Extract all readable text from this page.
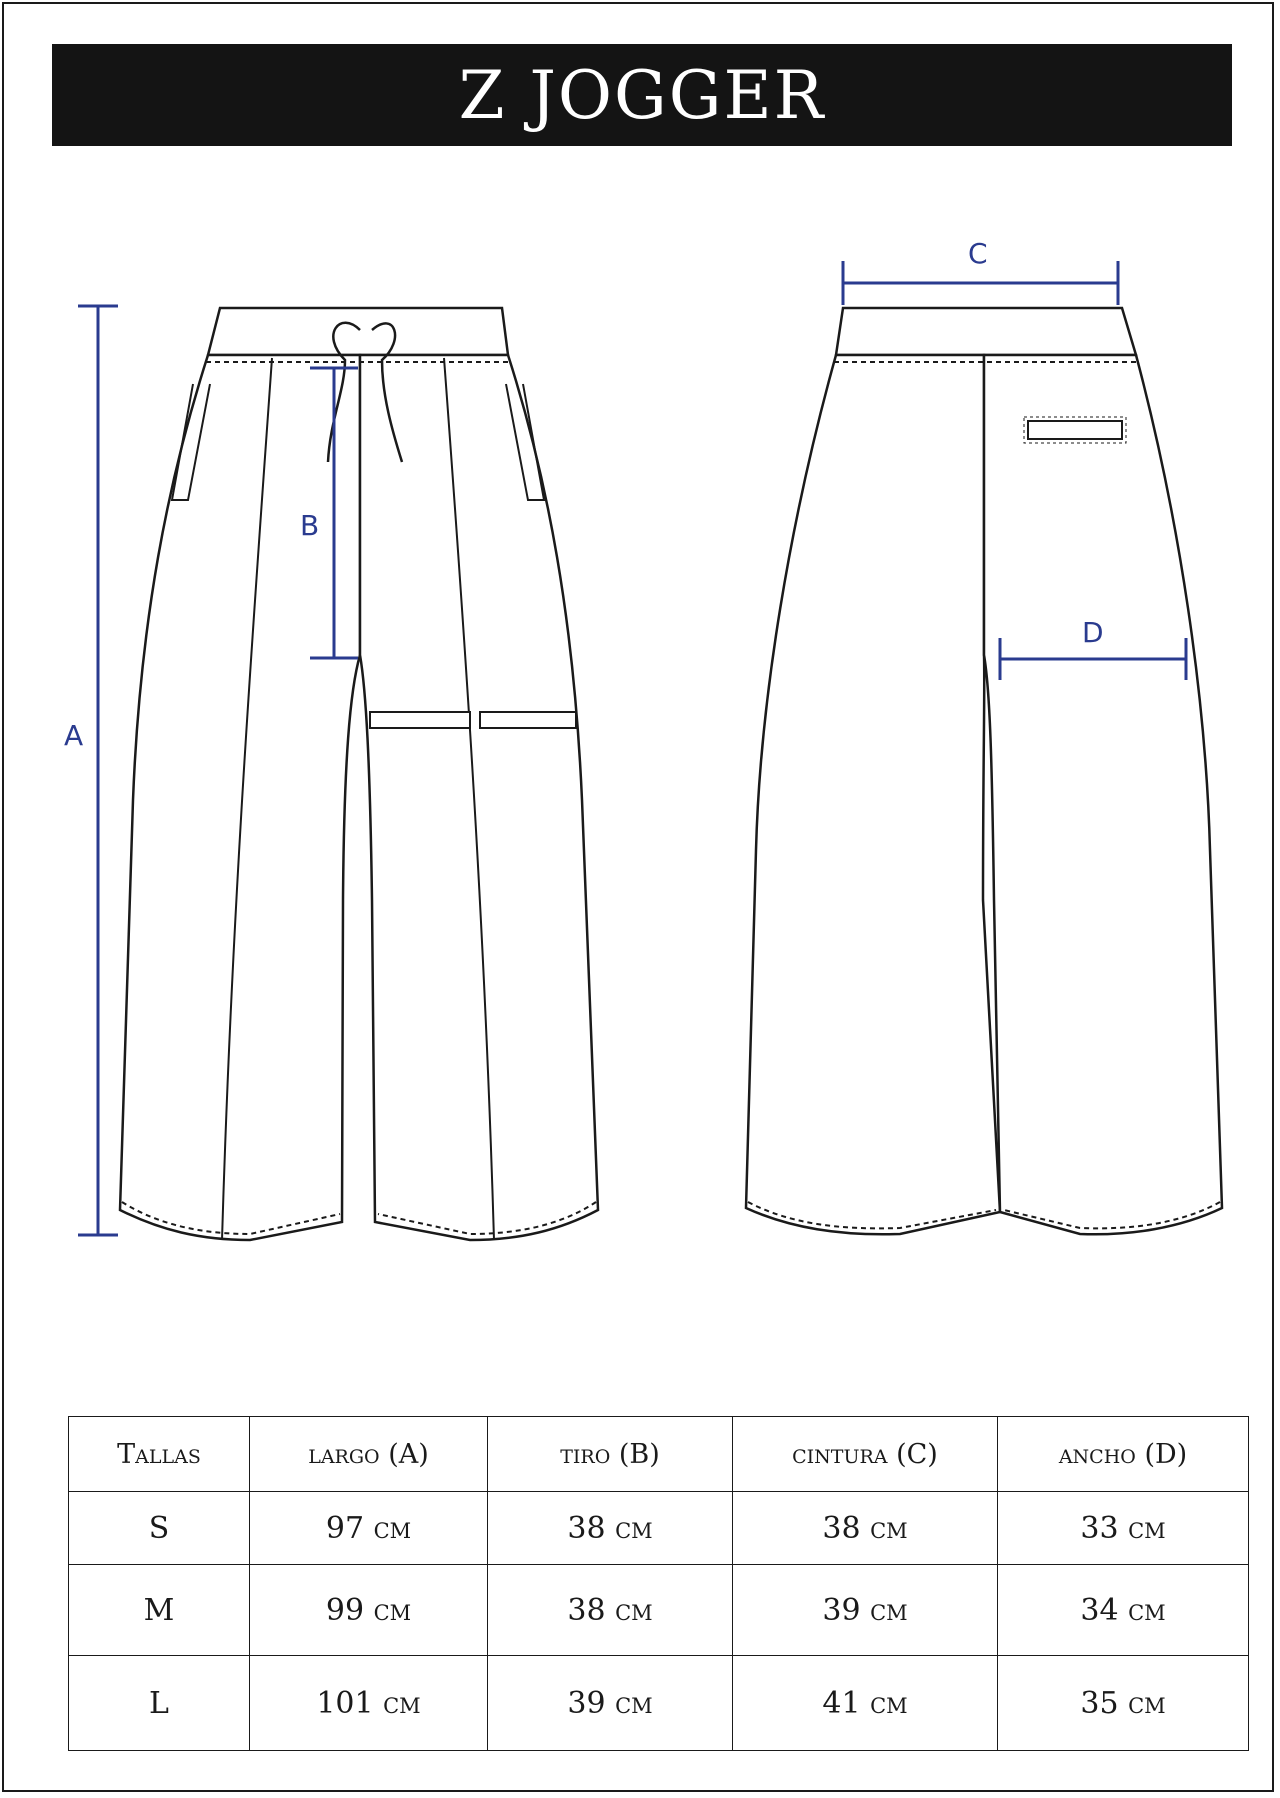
Z JOGGER
A
B
C
D
Tallas	largo (A)	tiro (B)	cintura (C)	ancho (D)
S	97 cm	38 cm	38 cm	33 cm
M	99 cm	38 cm	39 cm	34 cm
L	101 cm	39 cm	41 cm	35 cm
